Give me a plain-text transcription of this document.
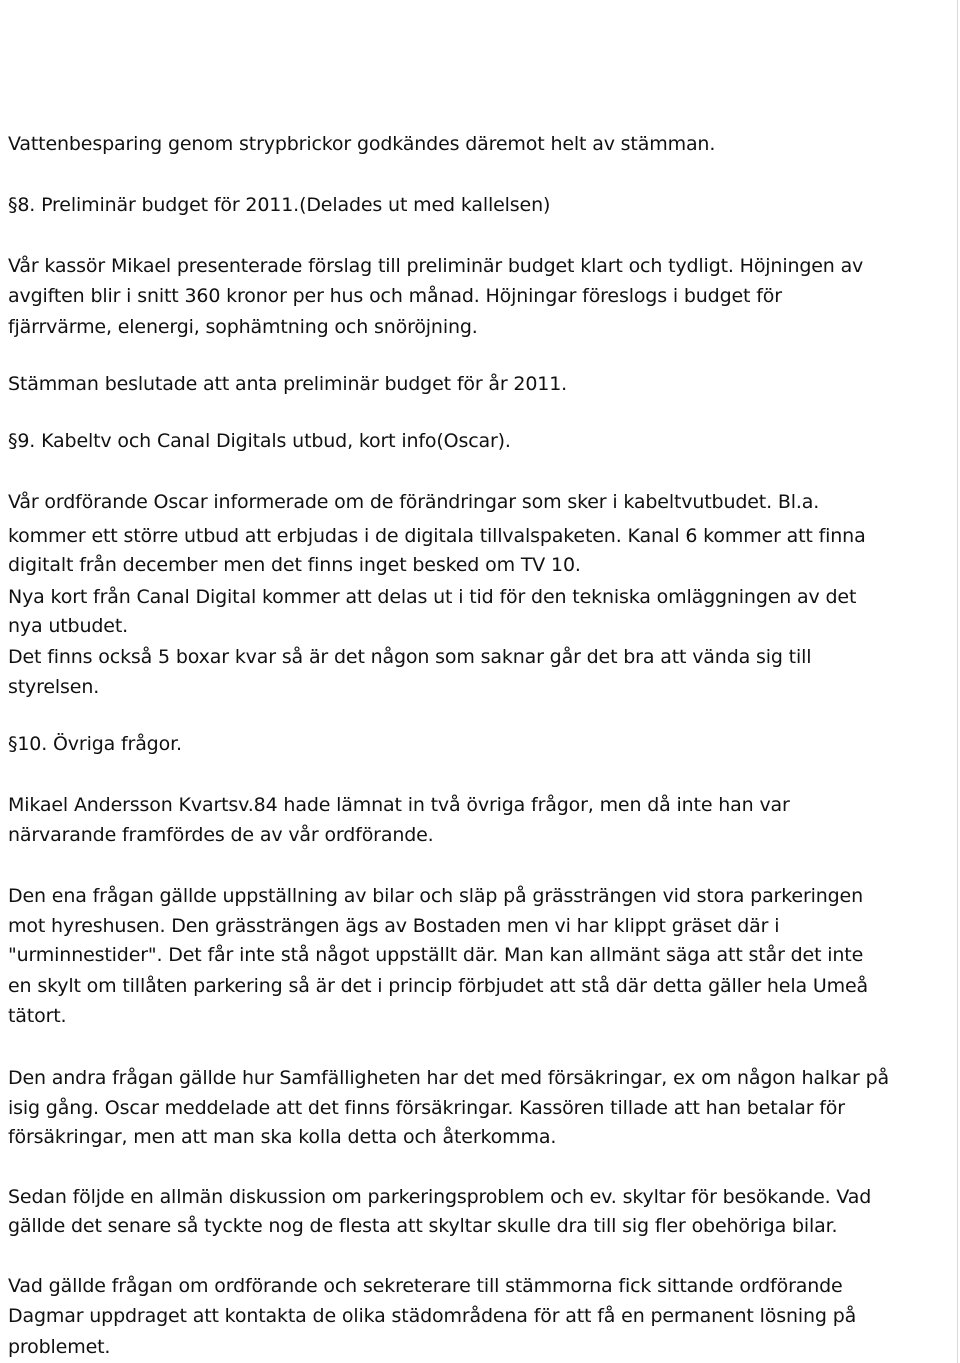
Vattenbesparing genom strypbrickor godkändes däremot helt av stämman.
§8. Preliminär budget för 2011.(Delades ut med kallelsen)
Vår kassör Mikael presenterade förslag till preliminär budget klart och tydligt. Höjningen av
avgiften blir i snitt 360 kronor per hus och månad. Höjningar föreslogs i budget för
fjärrvärme, elenergi, sophämtning och snöröjning.
Stämman beslutade att anta preliminär budget för år 2011.
§9. Kabeltv och Canal Digitals utbud, kort info(Oscar).
Vår ordförande Oscar informerade om de förändringar som sker i kabeltvutbudet. Bl.a.
kommer ett större utbud att erbjudas i de digitala tillvalspaketen. Kanal 6 kommer att finna
digitalt från december men det finns inget besked om TV 10.
Nya kort från Canal Digital kommer att delas ut i tid för den tekniska omläggningen av det
nya utbudet.
Det finns också 5 boxar kvar så är det någon som saknar går det bra att vända sig till
styrelsen.
§10. Övriga frågor.
Mikael Andersson Kvartsv.84 hade lämnat in två övriga frågor, men då inte han var
närvarande framfördes de av vår ordförande.
Den ena frågan gällde uppställning av bilar och släp på grässträngen vid stora parkeringen
mot hyreshusen. Den grässträngen ägs av Bostaden men vi har klippt gräset där i
"urminnestider". Det får inte stå något uppställt där. Man kan allmänt säga att står det inte
en skylt om tillåten parkering så är det i princip förbjudet att stå där detta gäller hela Umeå
tätort.
Den andra frågan gällde hur Samfälligheten har det med försäkringar, ex om någon halkar på
isig gång. Oscar meddelade att det finns försäkringar. Kassören tillade att han betalar för
försäkringar, men att man ska kolla detta och återkomma.
Sedan följde en allmän diskussion om parkeringsproblem och ev. skyltar för besökande. Vad
gällde det senare så tyckte nog de flesta att skyltar skulle dra till sig fler obehöriga bilar.
Vad gällde frågan om ordförande och sekreterare till stämmorna fick sittande ordförande
Dagmar uppdraget att kontakta de olika städområdena för att få en permanent lösning på
problemet.
